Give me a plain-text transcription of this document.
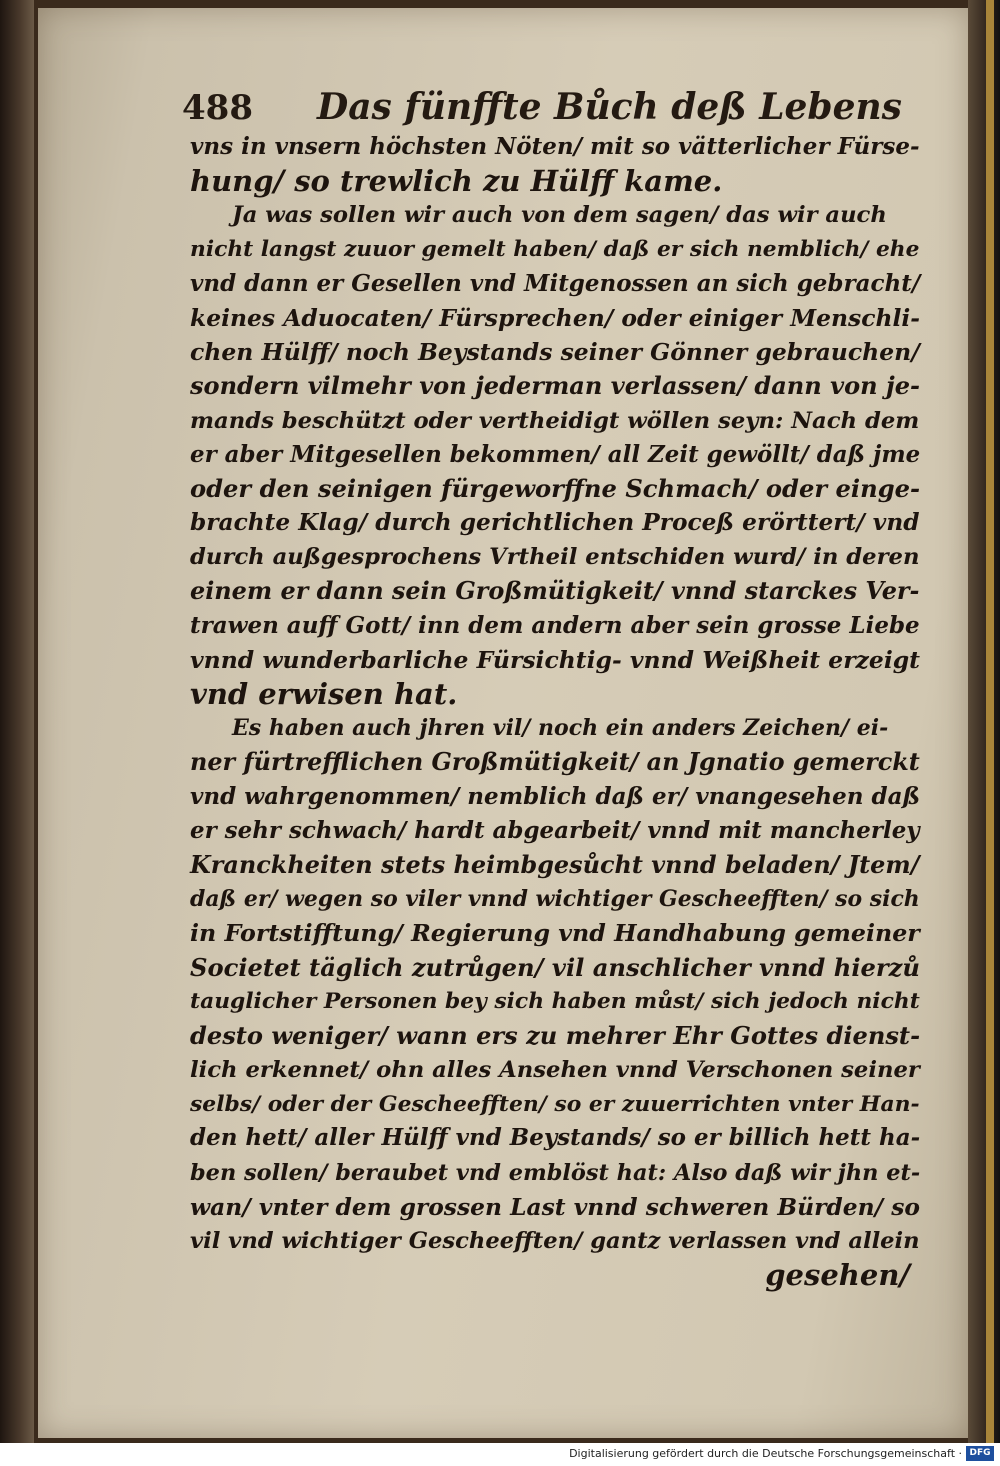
488 Das fünffte Bůch deß Lebens
vns in vnsern höchsten Nöten/ mit so vätterlicher Fürse-
hung/ so trewlich zu Hülff kame.
Ja was sollen wir auch von dem sagen/ das wir auch
nicht langst zuuor gemelt haben/ daß er sich nemblich/ ehe
vnd dann er Gesellen vnd Mitgenossen an sich gebracht/
keines Aduocaten/ Fürsprechen/ oder einiger Menschli-
chen Hülff/ noch Beystands seiner Gönner gebrauchen/
sondern vilmehr von jederman verlassen/ dann von je-
mands beschützt oder vertheidigt wöllen seyn: Nach dem
er aber Mitgesellen bekommen/ all Zeit gewöllt/ daß jme
oder den seinigen fürgeworffne Schmach/ oder einge-
brachte Klag/ durch gerichtlichen Proceß erörttert/ vnd
durch außgesprochens Vrtheil entschiden wurd/ in deren
einem er dann sein Großmütigkeit/ vnnd starckes Ver-
trawen auff Gott/ inn dem andern aber sein grosse Liebe
vnnd wunderbarliche Fürsichtig- vnnd Weißheit erzeigt
vnd erwisen hat.
Es haben auch jhren vil/ noch ein anders Zeichen/ ei-
ner fürtrefflichen Großmütigkeit/ an Jgnatio gemerckt
vnd wahrgenommen/ nemblich daß er/ vnangesehen daß
er sehr schwach/ hardt abgearbeit/ vnnd mit mancherley
Kranckheiten stets heimbgesůcht vnnd beladen/ Jtem/
daß er/ wegen so viler vnnd wichtiger Gescheefften/ so sich
in Fortstifftung/ Regierung vnd Handhabung gemeiner
Societet täglich zutrůgen/ vil anschlicher vnnd hierzů
tauglicher Personen bey sich haben můst/ sich jedoch nicht
desto weniger/ wann ers zu mehrer Ehr Gottes dienst-
lich erkennet/ ohn alles Ansehen vnnd Verschonen seiner
selbs/ oder der Gescheefften/ so er zuuerrichten vnter Han-
den hett/ aller Hülff vnd Beystands/ so er billich hett ha-
ben sollen/ beraubet vnd emblöst hat: Also daß wir jhn et-
wan/ vnter dem grossen Last vnnd schweren Bürden/ so
vil vnd wichtiger Gescheefften/ gantz verlassen vnd allein
gesehen/
Digitalisierung gefördert durch die Deutsche Forschungsgemeinschaft · DFG
